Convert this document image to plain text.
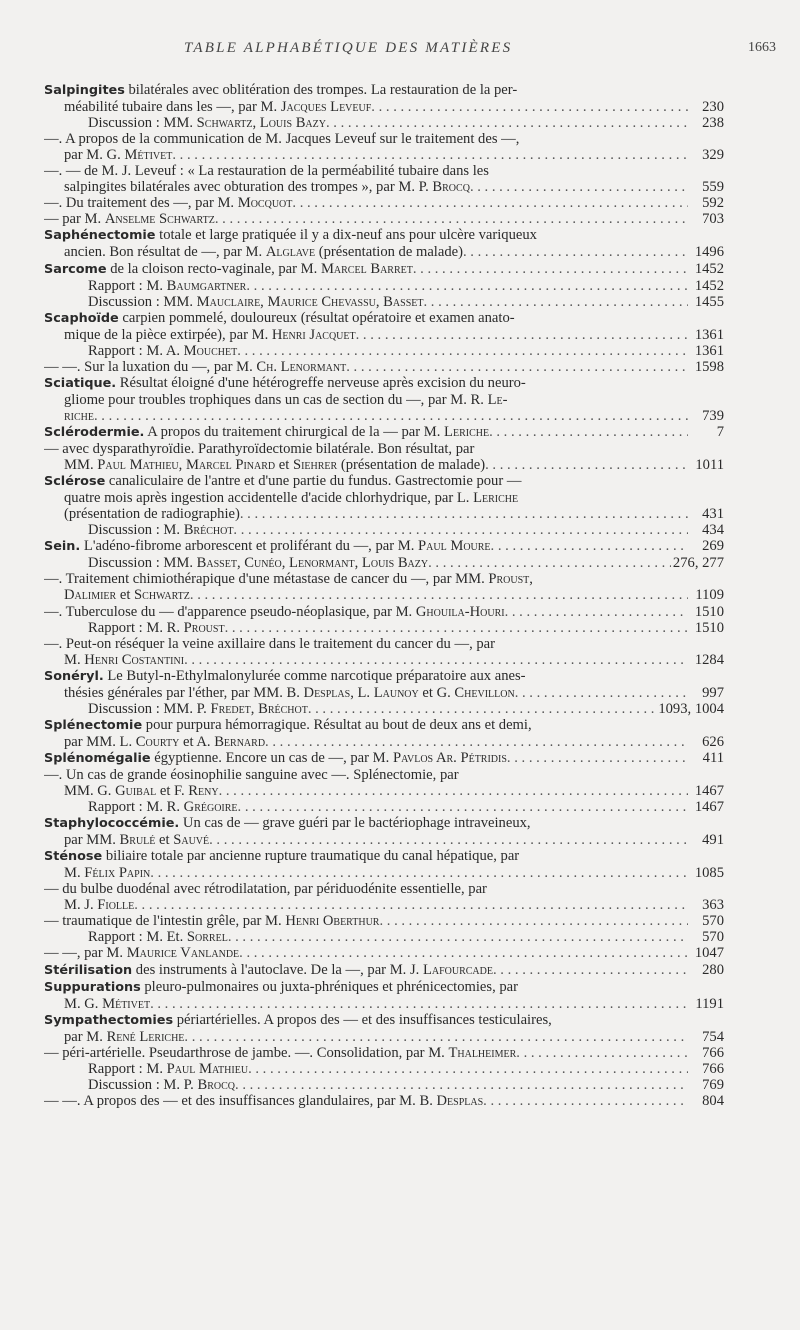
TABLE ALPHABÉTIQUE DES MATIÈRES	1663
Salpingites bilatérales avec oblitération des trompes. La restauration de la per-
méabilité tubaire dans les —, par M. Jacques Leveuf . . .	230
Discussion : MM. Schwartz, Louis Bazy . . .	238
—. A propos de la communication de M. Jacques Leveuf sur le traitement des —,
par M. G. Métivet . . .	329
—. — de M. J. Leveuf : « La restauration de la perméabilité tubaire dans les
salpingites bilatérales avec obturation des trompes », par M. P. Brocq . . .	559
—. Du traitement des —, par M. Mocquot . . .	592
— par M. Anselme Schwartz . . .	703
Saphénectomie totale et large pratiquée il y a dix-neuf ans pour ulcère variqueux
ancien. Bon résultat de —, par M. Alglave (présentation de malade) . . .	1496
Sarcome de la cloison recto-vaginale, par M. Marcel Barret . . .	1452
Rapport : M. Baumgartner . . .	1452
Discussion : MM. Mauclaire, Maurice Chevassu, Basset . . .	1455
Scaphoïde carpien pommelé, douloureux (résultat opératoire et examen anato-
mique de la pièce extirpée), par M. Henri Jacquet . . .	1361
Rapport : M. A. Mouchet . . .	1361
— —. Sur la luxation du —, par M. Ch. Lenormant . . .	1598
Sciatique. Résultat éloigné d'une hétérogreffe nerveuse après excision du neuro-
gliome pour troubles trophiques dans un cas de section du —, par M. R. Le-
riche . . .	739
Sclérodermie. A propos du traitement chirurgical de la — par M. Leriche . . .	7
— avec dysparathyroïdie. Parathyroïdectomie bilatérale. Bon résultat, par
MM. Paul Mathieu, Marcel Pinard et Siehrer (présentation de malade) . . .	1011
Sclérose canaliculaire de l'antre et d'une partie du fundus. Gastrectomie pour —
quatre mois après ingestion accidentelle d'acide chlorhydrique, par L. Leriche
(présentation de radiographie) . . .	431
Discussion : M. Bréchot . . .	434
Sein. L'adéno-fibrome arborescent et proliférant du —, par M. Paul Moure . . .	269
Discussion : MM. Basset, Cunéo, Lenormant, Louis Bazy . . .	276, 277
—. Traitement chimiothérapique d'une métastase de cancer du —, par MM. Proust,
Dalimier et Schwartz . . .	1109
—. Tuberculose du — d'apparence pseudo-néoplasique, par M. Ghouila-Houri . . .	1510
Rapport : M. R. Proust . . .	1510
—. Peut-on réséquer la veine axillaire dans le traitement du cancer du —, par
M. Henri Costantini . . .	1284
Sonéryl. Le Butyl-n-Ethylmalonylurée comme narcotique préparatoire aux anes-
thésies générales par l'éther, par MM. B. Desplas, L. Launoy et G. Chevillon . . .	997
Discussion : MM. P. Fredet, Bréchot . . .	1093, 1004
Splénectomie pour purpura hémorragique. Résultat au bout de deux ans et demi,
par MM. L. Courty et A. Bernard . . .	626
Splénomégalie égyptienne. Encore un cas de —, par M. Pavlos Ar. Pétridis . . .	411
—. Un cas de grande éosinophilie sanguine avec —. Splénectomie, par
MM. G. Guibal et F. Reny . . .	1467
Rapport : M. R. Grégoire . . .	1467
Staphylococcémie. Un cas de — grave guéri par le bactériophage intraveineux,
par MM. Brulé et Sauvé . . .	491
Sténose biliaire totale par ancienne rupture traumatique du canal hépatique, par
M. Félix Papin . . .	1085
— du bulbe duodénal avec rétrodilatation, par périduodénite essentielle, par
M. J. Fiolle . . .	363
— traumatique de l'intestin grêle, par M. Henri Oberthur . . .	570
Rapport : M. Et. Sorrel . . .	570
— —, par M. Maurice Vanlande . . .	1047
Stérilisation des instruments à l'autoclave. De la —, par M. J. Lafourcade . . .	280
Suppurations pleuro-pulmonaires ou juxta-phréniques et phrénicectomies, par
M. G. Métivet . . .	1191
Sympathectomies périartérielles. A propos des — et des insuffisances testiculaires,
par M. René Leriche . . .	754
— péri-artérielle. Pseudarthrose de jambe. —. Consolidation, par M. Thalheimer . . .	766
Rapport : M. Paul Mathieu . . .	766
Discussion : M. P. Brocq . . .	769
— —. A propos des — et des insuffisances glandulaires, par M. B. Desplas . . .	804
